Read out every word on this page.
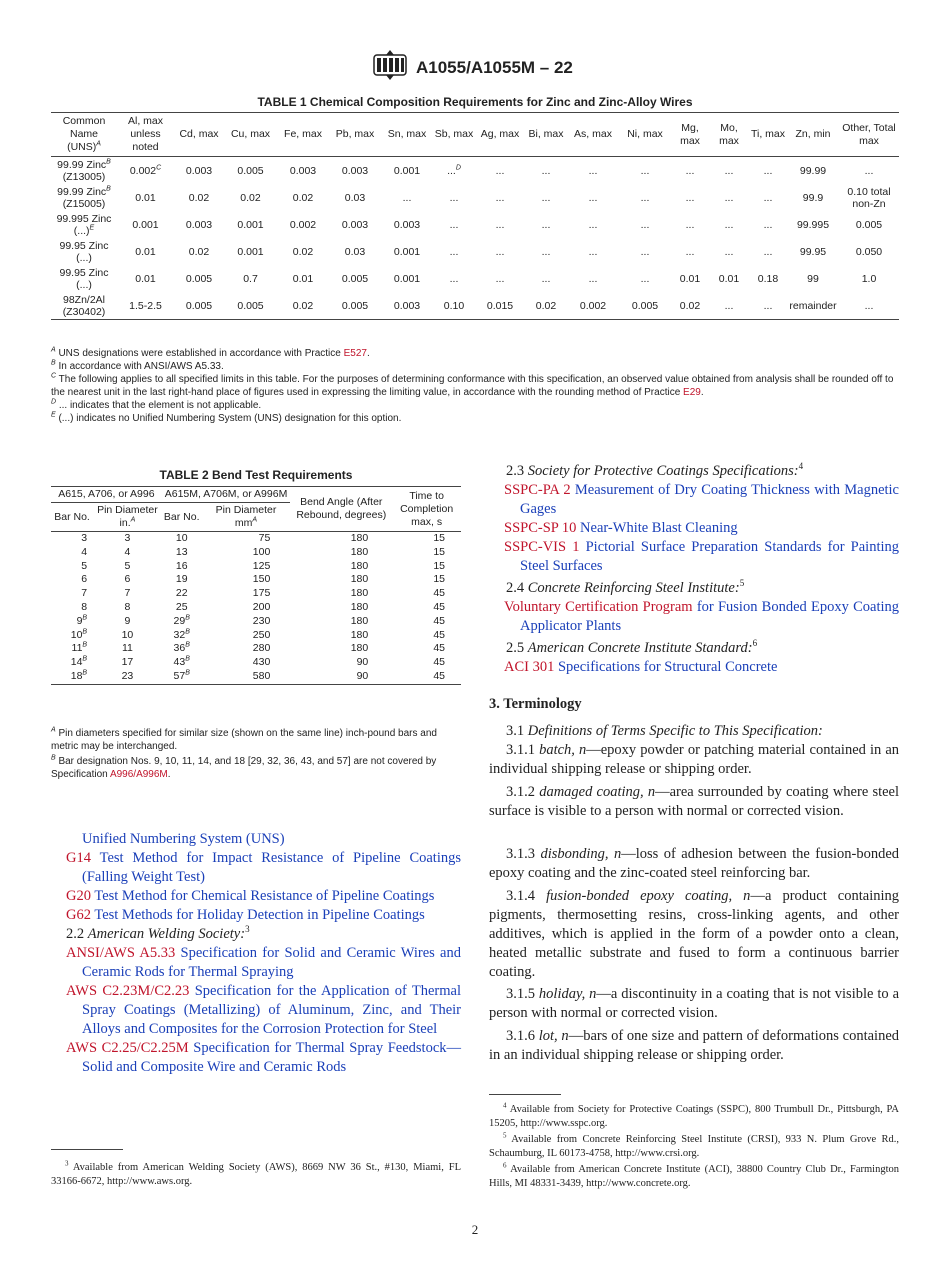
A1055/A1055M – 22
TABLE 1 Chemical Composition Requirements for Zinc and Zinc-Alloy Wires
Common Name (UNS)$^A$	Al, max unless noted	Cd, max	Cu, max	Fe, max	Pb, max	Sn, max	Sb, max	Ag, max	Bi, max	As, max	Ni, max	Mg, max	Mo, max	Ti, max	Zn, min	Other, Total max
99.99 Zinc$^B$
(Z13005)	$0.002^C$	0.003	0.005	0.003	0.003	0.001	...$^D$	...	...	...	...	...	...	...	99.99	...
99.99 Zinc$^B$
(Z15005)	0.01	0.02	0.02	0.02	0.03	...	...	...	...	...	...	...	...	...	99.9	0.10 total non-Zn
99.995 Zinc
(...)$^E$	0.001	0.003	0.001	0.002	0.003	0.003	...	...	...	...	...	...	...	...	99.995	0.005
99.95 Zinc
(...)	0.01	0.02	0.001	0.02	0.03	0.001	...	...	...	...	...	...	...	...	99.95	0.050
99.95 Zinc
(...)	0.01	0.005	0.7	0.01	0.005	0.001	...	...	...	...	...	0.01	0.01	0.18	99	1.0
98Zn/2Al
(Z30402)	1.5-2.5	0.005	0.005	0.02	0.005	0.003	0.10	0.015	0.02	0.002	0.005	0.02	...	...	remainder	...
$^A$ UNS designations were established in accordance with Practice E527.
$^B$ In accordance with ANSI/AWS A5.33.
$^C$ The following applies to all specified limits in this table. For the purposes of determining conformance with this specification, an observed value obtained from analysis shall be rounded off to the nearest unit in the last right-hand place of figures used in expressing the limiting value, in accordance with the rounding method of Practice E29.
$^D$ ... indicates that the element is not applicable.
$^E$ (...) indicates no Unified Numbering System (UNS) designation for this option.
TABLE 2 Bend Test Requirements
A615, A706, or A996		A615M, A706M, or A996M		Bend Angle (After Rebound, degrees)	Time to Completion max, s
Bar No.	Pin Diameter in.$^A$	Bar No.	Pin Diameter $mm^A$
3	3	10	75	180	15
4	4	13	100	180	15
5	5	16	125	180	15
6	6	19	150	180	15
7	7	22	175	180	45
8	8	25	200	180	45
$9^B$	9	$29^B$	230	180	45
$10^B$	10	$32^B$	250	180	45
$11^B$	11	$36^B$	280	180	45
$14^B$	17	$43^B$	430	90	45
$18^B$	23	$57^B$	580	90	45
$^A$ Pin diameters specified for similar size (shown on the same line) inch-pound bars and metric may be interchanged.
$^B$ Bar designation Nos. 9, 10, 11, 14, and 18 [29, 32, 36, 43, and 57] are not covered by Specification A996/A996M.
Unified Numbering System (UNS)
G14 Test Method for Impact Resistance of Pipeline Coatings (Falling Weight Test)
G20 Test Method for Chemical Resistance of Pipeline Coatings
G62 Test Methods for Holiday Detection in Pipeline Coatings
2.2 American Welding Society:$^3$
ANSI/AWS A5.33 Specification for Solid and Ceramic Wires and Ceramic Rods for Thermal Spraying
AWS C2.23M/C2.23 Specification for the Application of Thermal Spray Coatings (Metallizing) of Aluminum, Zinc, and Their Alloys and Composites for the Corrosion Protection for Steel
AWS C2.25/C2.25M Specification for Thermal Spray Feedstock—Solid and Composite Wire and Ceramic Rods
$^3$ Available from American Welding Society (AWS), 8669 NW 36 St., #130, Miami, FL 33166-6672, http://www.aws.org.
2.3 Society for Protective Coatings Specifications:$^4$
SSPC-PA 2 Measurement of Dry Coating Thickness with Magnetic Gages
SSPC-SP 10 Near-White Blast Cleaning
SSPC-VIS 1 Pictorial Surface Preparation Standards for Painting Steel Surfaces
2.4 Concrete Reinforcing Steel Institute:$^5$
Voluntary Certification Program for Fusion Bonded Epoxy Coating Applicator Plants
2.5 American Concrete Institute Standard:$^6$
ACI 301 Specifications for Structural Concrete
3. Terminology
3.1 Definitions of Terms Specific to This Specification:
3.1.1 batch, n—epoxy powder or patching material contained in an individual shipping release or shipping order.
3.1.2 damaged coating, n—area surrounded by coating where steel surface is visible to a person with normal or corrected vision.
3.1.3 disbonding, n—loss of adhesion between the fusion-bonded epoxy coating and the zinc-coated steel reinforcing bar.
3.1.4 fusion-bonded epoxy coating, n—a product containing pigments, thermosetting resins, cross-linking agents, and other additives, which is applied in the form of a powder onto a clean, heated metallic substrate and fused to form a continuous barrier coating.
3.1.5 holiday, n—a discontinuity in a coating that is not visible to a person with normal or corrected vision.
3.1.6 lot, n—bars of one size and pattern of deformations contained in an individual shipping release or shipping order.
$^4$ Available from Society for Protective Coatings (SSPC), 800 Trumbull Dr., Pittsburgh, PA 15205, http://www.sspc.org.
$^5$ Available from Concrete Reinforcing Steel Institute (CRSI), 933 N. Plum Grove Rd., Schaumburg, IL 60173-4758, http://www.crsi.org.
$^6$ Available from American Concrete Institute (ACI), 38800 Country Club Dr., Farmington Hills, MI 48331-3439, http://www.concrete.org.
2
